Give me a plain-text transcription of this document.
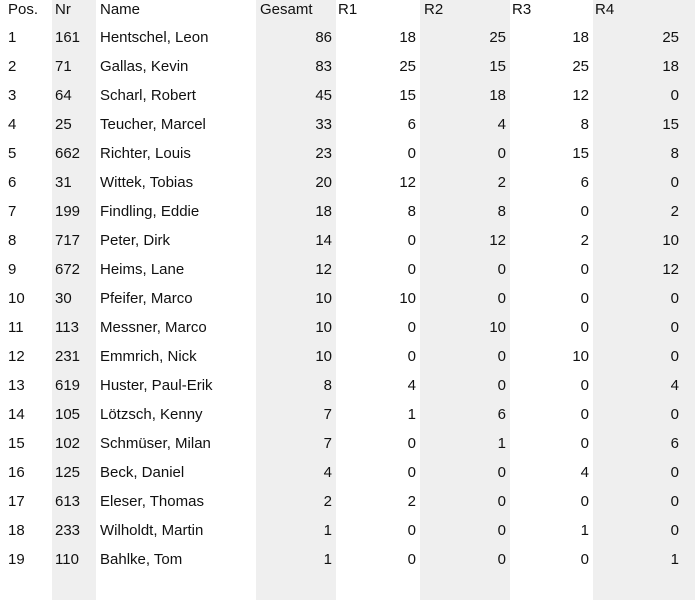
Pos.	Nr	Name	Gesamt	R1	R2	R3	R4
1	161	Hentschel, Leon	86	18	25	18	25
2	71	Gallas, Kevin	83	25	15	25	18
3	64	Scharl, Robert	45	15	18	12	0
4	25	Teucher, Marcel	33	6	4	8	15
5	662	Richter, Louis	23	0	0	15	8
6	31	Wittek, Tobias	20	12	2	6	0
7	199	Findling, Eddie	18	8	8	0	2
8	717	Peter, Dirk	14	0	12	2	10
9	672	Heims, Lane	12	0	0	0	12
10	30	Pfeifer, Marco	10	10	0	0	0
11	113	Messner, Marco	10	0	10	0	0
12	231	Emmrich, Nick	10	0	0	10	0
13	619	Huster, Paul-Erik	8	4	0	0	4
14	105	Lötzsch, Kenny	7	1	6	0	0
15	102	Schmüser, Milan	7	0	1	0	6
16	125	Beck, Daniel	4	0	0	4	0
17	613	Eleser, Thomas	2	2	0	0	0
18	233	Wilholdt, Martin	1	0	0	1	0
19	110	Bahlke, Tom	1	0	0	0	1
